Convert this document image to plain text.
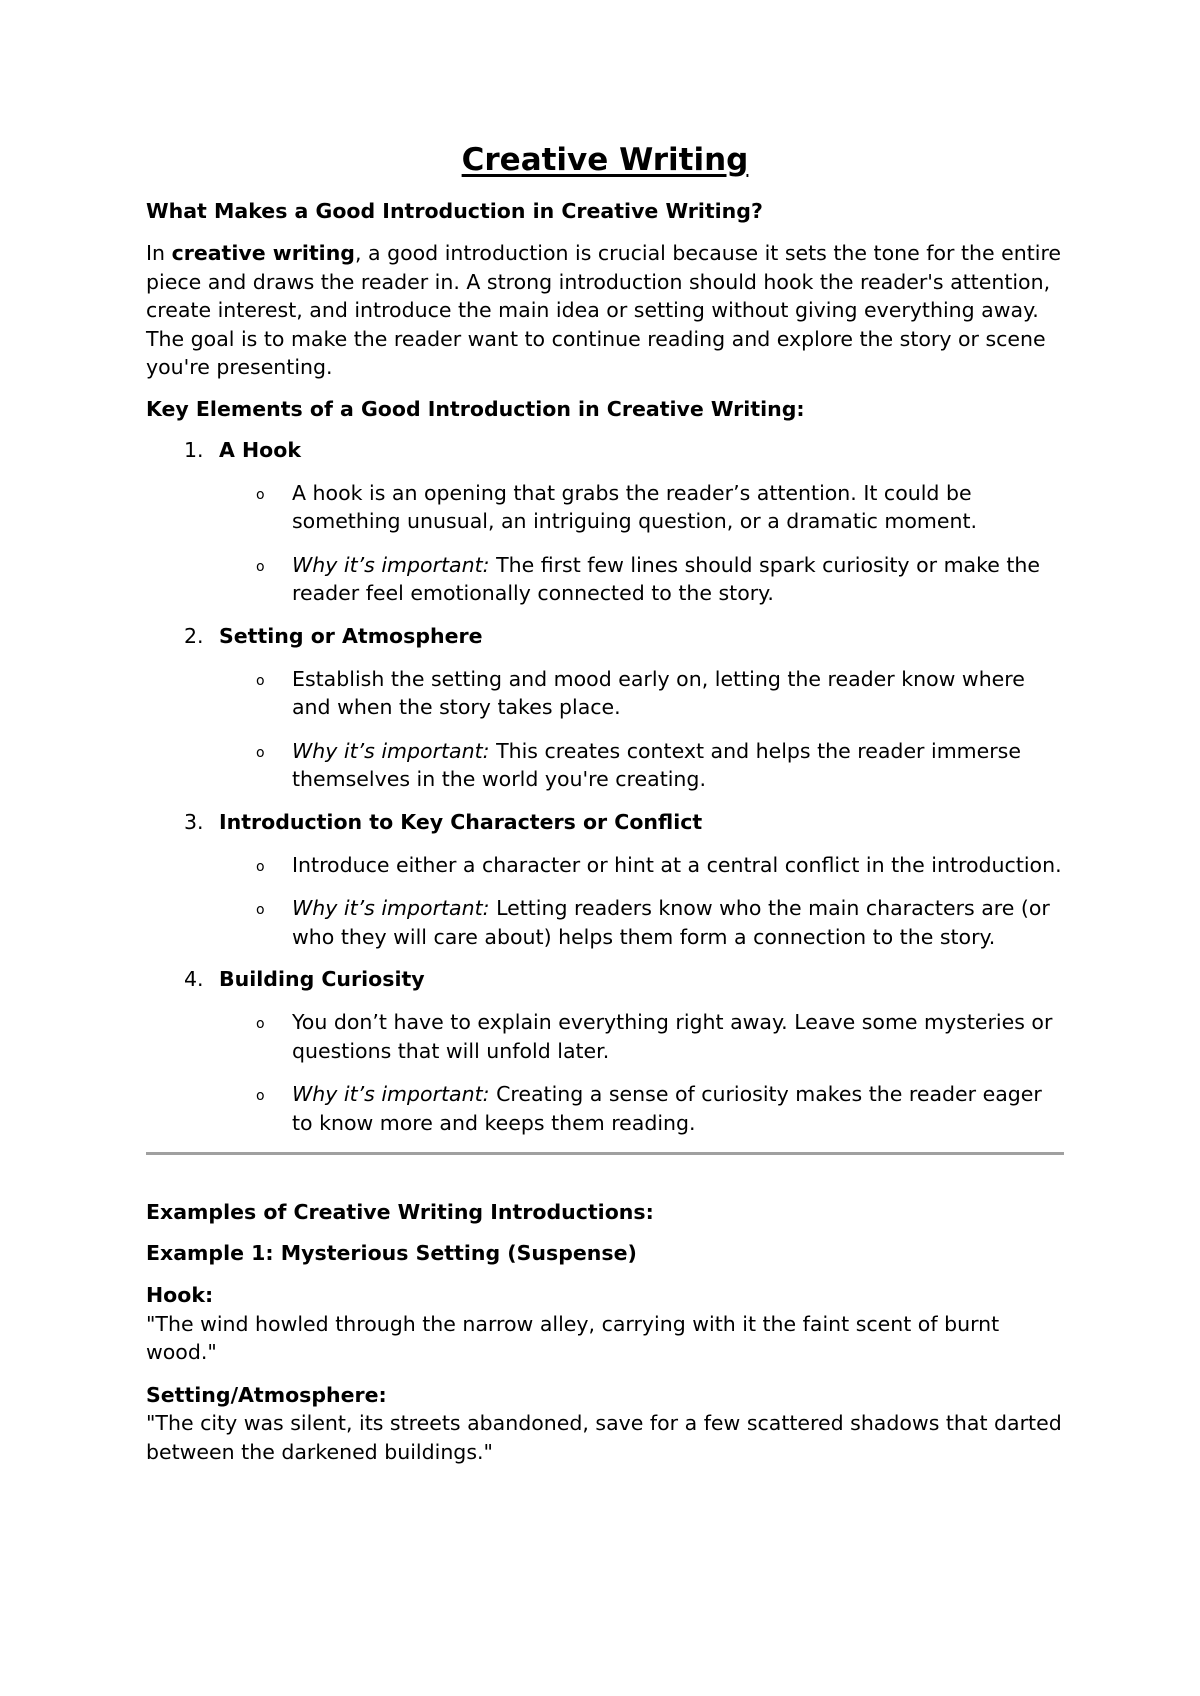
Creative Writing
What Makes a Good Introduction in Creative Writing?

In creative writing, a good introduction is crucial because it sets the tone for the entire piece and draws the reader in. A strong introduction should hook the reader's attention, create interest, and introduce the main idea or setting without giving everything away. The goal is to make the reader want to continue reading and explore the story or scene you're presenting.

Key Elements of a Good Introduction in Creative Writing:
1. A Hook
o A hook is an opening that grabs the reader’s attention. It could be something unusual, an intriguing question, or a dramatic moment.
o Why it’s important: The first few lines should spark curiosity or make the reader feel emotionally connected to the story.
2. Setting or Atmosphere
o Establish the setting and mood early on, letting the reader know where and when the story takes place.
o Why it’s important: This creates context and helps the reader immerse themselves in the world you're creating.
3. Introduction to Key Characters or Conflict
o Introduce either a character or hint at a central conflict in the introduction.
o Why it’s important: Letting readers know who the main characters are (or who they will care about) helps them form a connection to the story.
4. Building Curiosity
o You don’t have to explain everything right away. Leave some mysteries or questions that will unfold later.
o Why it’s important: Creating a sense of curiosity makes the reader eager to know more and keeps them reading.
Examples of Creative Writing Introductions:
Example 1: Mysterious Setting (Suspense)

Hook:
"The wind howled through the narrow alley, carrying with it the faint scent of burnt wood."

Setting/Atmosphere:
"The city was silent, its streets abandoned, save for a few scattered shadows that darted between the darkened buildings."
